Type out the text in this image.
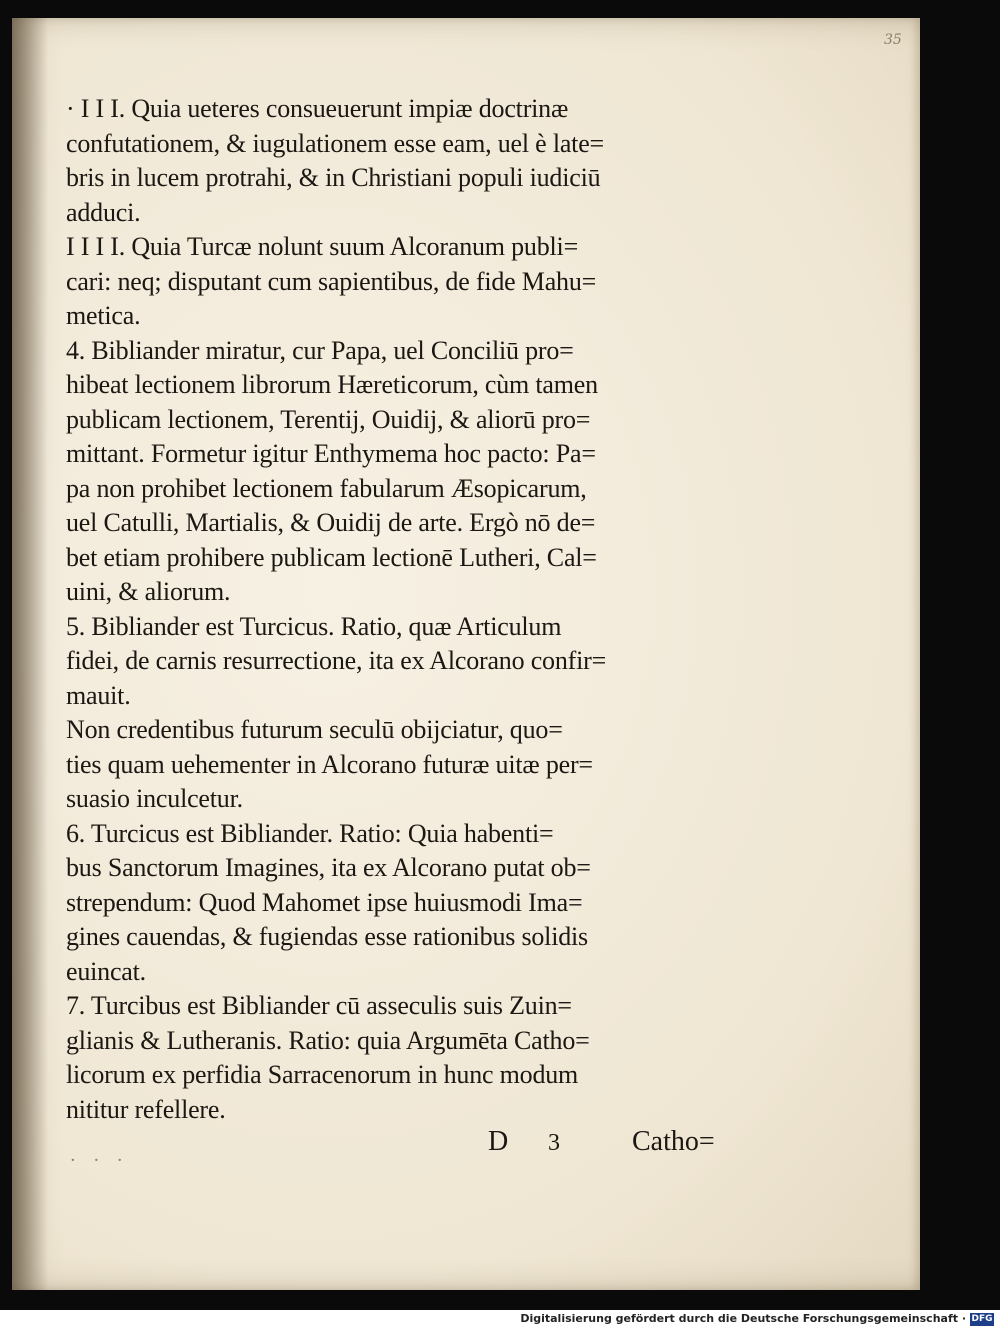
35
· I I I. Quia ueteres consueuerunt impiæ doctrinæ
confutationem, & iugulationem esse eam, uel è late=
bris in lucem protrahi, & in Christiani populi iudiciū
adduci.
I I I I. Quia Turcæ nolunt suum Alcoranum publi=
cari: neq; disputant cum sapientibus, de fide Mahu=
metica.
4. Bibliander miratur, cur Papa, uel Conciliū pro=
hibeat lectionem librorum Hæreticorum, cùm tamen
publicam lectionem, Terentij, Ouidij, & aliorū pro=
mittant. Formetur igitur Enthymema hoc pacto: Pa=
pa non prohibet lectionem fabularum Æsopicarum,
uel Catulli, Martialis, & Ouidij de arte. Ergò nō de=
bet etiam prohibere publicam lectionē Lutheri, Cal=
uini, & aliorum.
5. Bibliander est Turcicus. Ratio, quæ Articulum
fidei, de carnis resurrectione, ita ex Alcorano confir=
mauit.
Non credentibus futurum seculū obijciatur, quo=
ties quam uehementer in Alcorano futuræ uitæ per=
suasio inculcetur.
6. Turcicus est Bibliander. Ratio: Quia habenti=
bus Sanctorum Imagines, ita ex Alcorano putat ob=
strependum: Quod Mahomet ipse huiusmodi Ima=
gines cauendas, & fugiendas esse rationibus solidis
euincat.
7. Turcibus est Bibliander cū asseculis suis Zuin=
glianis & Lutheranis. Ratio: quia Argumēta Catho=
licorum ex perfidia Sarracenorum in hunc modum
nititur refellere.
· · ·
D 3	Catho=
Digitalisierung gefördert durch die Deutsche Forschungsgemeinschaft · DFG
